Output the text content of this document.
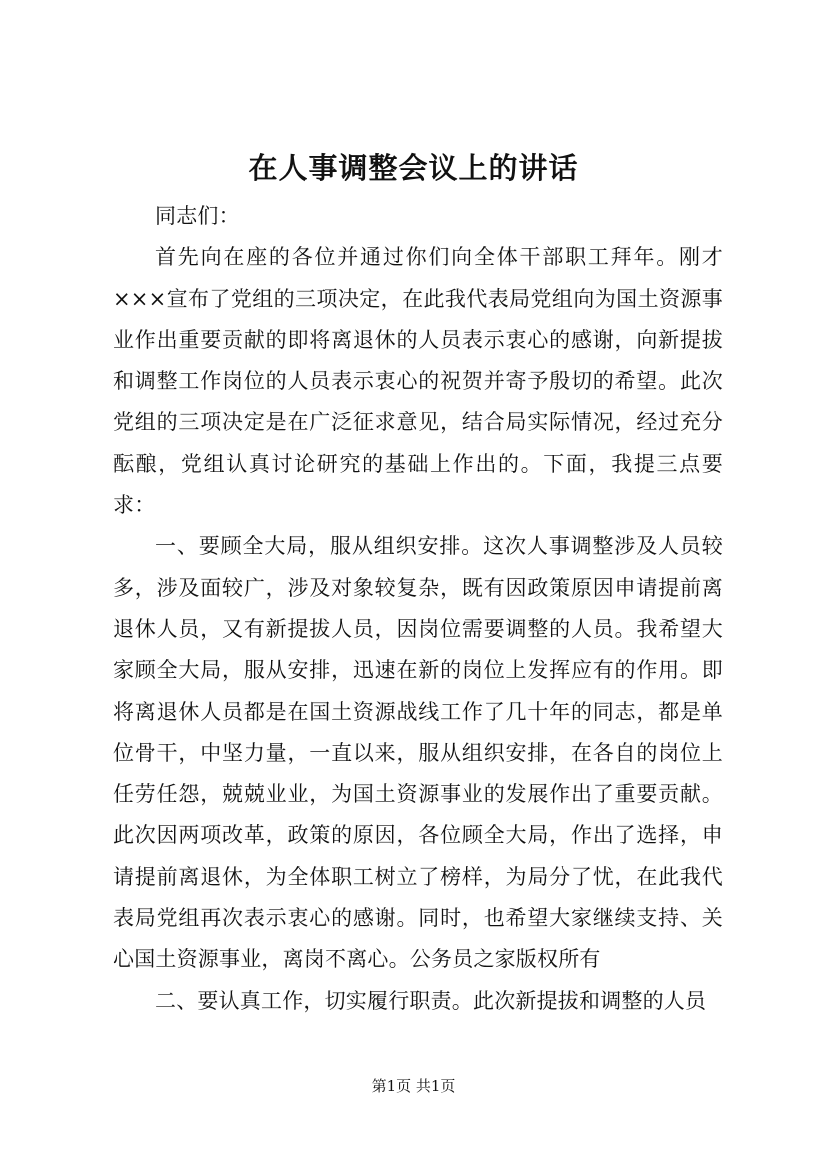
在人事调整会议上的讲话

同志们：

首先向在座的各位并通过你们向全体干部职工拜年。刚才×××宣布了党组的三项决定，在此我代表局党组向为国土资源事业作出重要贡献的即将离退休的人员表示衷心的感谢，向新提拔和调整工作岗位的人员表示衷心的祝贺并寄予殷切的希望。此次党组的三项决定是在广泛征求意见，结合局实际情况，经过充分酝酿，党组认真讨论研究的基础上作出的。下面，我提三点要求：

一、要顾全大局，服从组织安排。这次人事调整涉及人员较多，涉及面较广，涉及对象较复杂，既有因政策原因申请提前离退休人员，又有新提拔人员，因岗位需要调整的人员。我希望大家顾全大局，服从安排，迅速在新的岗位上发挥应有的作用。即将离退休人员都是在国土资源战线工作了几十年的同志，都是单位骨干，中坚力量，一直以来，服从组织安排，在各自的岗位上任劳任怨，兢兢业业，为国土资源事业的发展作出了重要贡献。此次因两项改革，政策的原因，各位顾全大局，作出了选择，申请提前离退休，为全体职工树立了榜样，为局分了忧，在此我代表局党组再次表示衷心的感谢。同时，也希望大家继续支持、关心国土资源事业，离岗不离心。公务员之家版权所有

二、要认真工作，切实履行职责。此次新提拔和调整的人员

第1页 共1页
